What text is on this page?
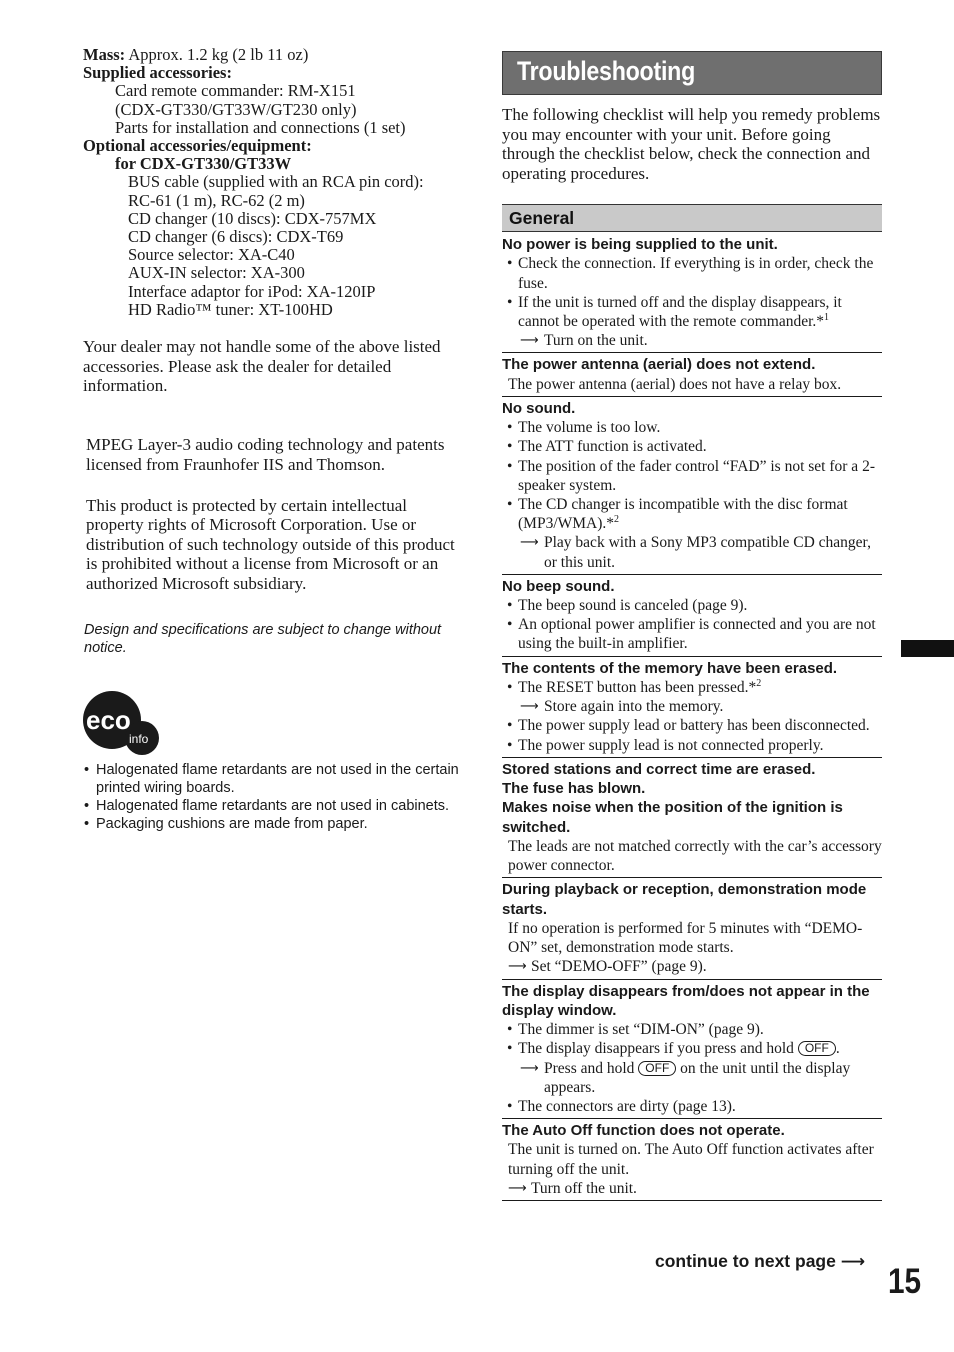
Mass: Approx. 1.2 kg (2 lb 11 oz)
Supplied accessories:
Card remote commander: RM-X151
(CDX-GT330/GT33W/GT230 only)
Parts for installation and connections (1 set)
Optional accessories/equipment:
for CDX-GT330/GT33W
BUS cable (supplied with an RCA pin cord):
RC-61 (1 m), RC-62 (2 m)
CD changer (10 discs): CDX-757MX
CD changer (6 discs): CDX-T69
Source selector: XA-C40
AUX-IN selector: XA-300
Interface adaptor for iPod: XA-120IP
HD Radio™ tuner: XT-100HD
Your dealer may not handle some of the above listed accessories. Please ask the dealer for detailed information.
MPEG Layer-3 audio coding technology and patents licensed from Fraunhofer IIS and Thomson.
This product is protected by certain intellectual property rights of Microsoft Corporation. Use or distribution of such technology outside of this product is prohibited without a license from Microsoft or an authorized Microsoft subsidiary.
Design and specifications are subject to change without notice.
eco
info
• Halogenated flame retardants are not used in the certain printed wiring boards.
• Halogenated flame retardants are not used in cabinets.
• Packaging cushions are made from paper.
Troubleshooting
The following checklist will help you remedy problems you may encounter with your unit. Before going through the checklist below, check the connection and operating procedures.
General
No power is being supplied to the unit.
• Check the connection. If everything is in order, check the fuse.
• If the unit is turned off and the display disappears, it cannot be operated with the remote commander.*$^1$
⟶ Turn on the unit.
The power antenna (aerial) does not extend.
The power antenna (aerial) does not have a relay box.
No sound.
• The volume is too low.
• The ATT function is activated.
• The position of the fader control “FAD” is not set for a 2-speaker system.
• The CD changer is incompatible with the disc format (MP3/WMA).*$^2$
⟶ Play back with a Sony MP3 compatible CD changer, or this unit.
No beep sound.
• The beep sound is canceled (page 9).
• An optional power amplifier is connected and you are not using the built-in amplifier.
The contents of the memory have been erased.
• The RESET button has been pressed.*$^2$
⟶ Store again into the memory.
• The power supply lead or battery has been disconnected.
• The power supply lead is not connected properly.
Stored stations and correct time are erased.
The fuse has blown.
Makes noise when the position of the ignition is switched.
The leads are not matched correctly with the car’s accessory power connector.
During playback or reception, demonstration mode starts.
If no operation is performed for 5 minutes with “DEMO-ON” set, demonstration mode starts.
⟶ Set “DEMO-OFF” (page 9).
The display disappears from/does not appear in the display window.
• The dimmer is set “DIM-ON” (page 9).
• The display disappears if you press and hold OFF .
⟶ Press and hold OFF on the unit until the display appears.
• The connectors are dirty (page 13).
The Auto Off function does not operate.
The unit is turned on. The Auto Off function activates after turning off the unit.
⟶ Turn off the unit.
continue to next page ⟶ 15
